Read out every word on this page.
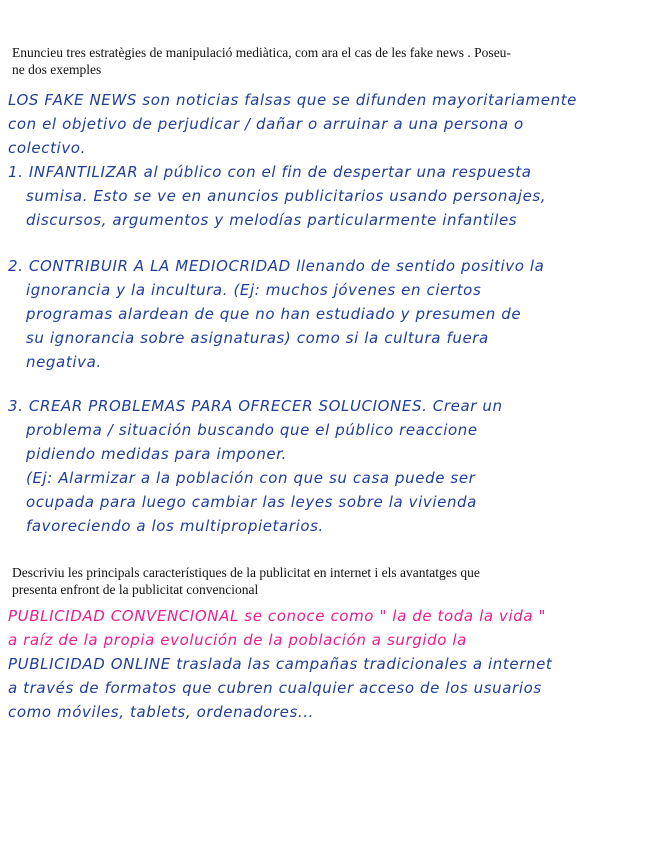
Enunciеu tres estratègies de manipulació mediàtica, com ara el cas de les fake news . Poseu-
ne dos exemples

LOS FAKE NEWS son noticias falsas que se difunden mayoritariamente
con el objetivo de perjudicar / dañar o arruinar a una persona o
colectivo.
1. INFANTILIZAR al público con el fin de despertar una respuesta
sumisa. Esto se ve en anuncios publicitarios usando personajes,
discursos, argumentos y melodías particularmente infantiles
2. CONTRIBUIR A LA MEDIOCRIDAD llenando de sentido positivo la
ignorancia y la incultura. (Ej: muchos jóvenes en ciertos
programas alardean de que no han estudiado y presumen de
su ignorancia sobre asignaturas) como si la cultura fuera
negativa.
3. CREAR PROBLEMAS PARA OFRECER SOLUCIONES. Crear un
problema / situación buscando que el público reaccione
pidiendo medidas para imponer.
(Ej: Alarmizar a la población con que su casa puede ser
ocupada para luego cambiar las leyes sobre la vivienda
favoreciendo a los multipropietarios.

Descriviu les principals característiques de la publicitat en internet i els avantatges que
presenta enfront de la publicitat convencional

PUBLICIDAD CONVENCIONAL se conoce como " la de toda la vida "
a raíz de la propia evolución de la población a surgido la
PUBLICIDAD ONLINE traslada las campañas tradicionales a internet
a través de formatos que cubren cualquier acceso de los usuarios
como móviles, tablets, ordenadores...
